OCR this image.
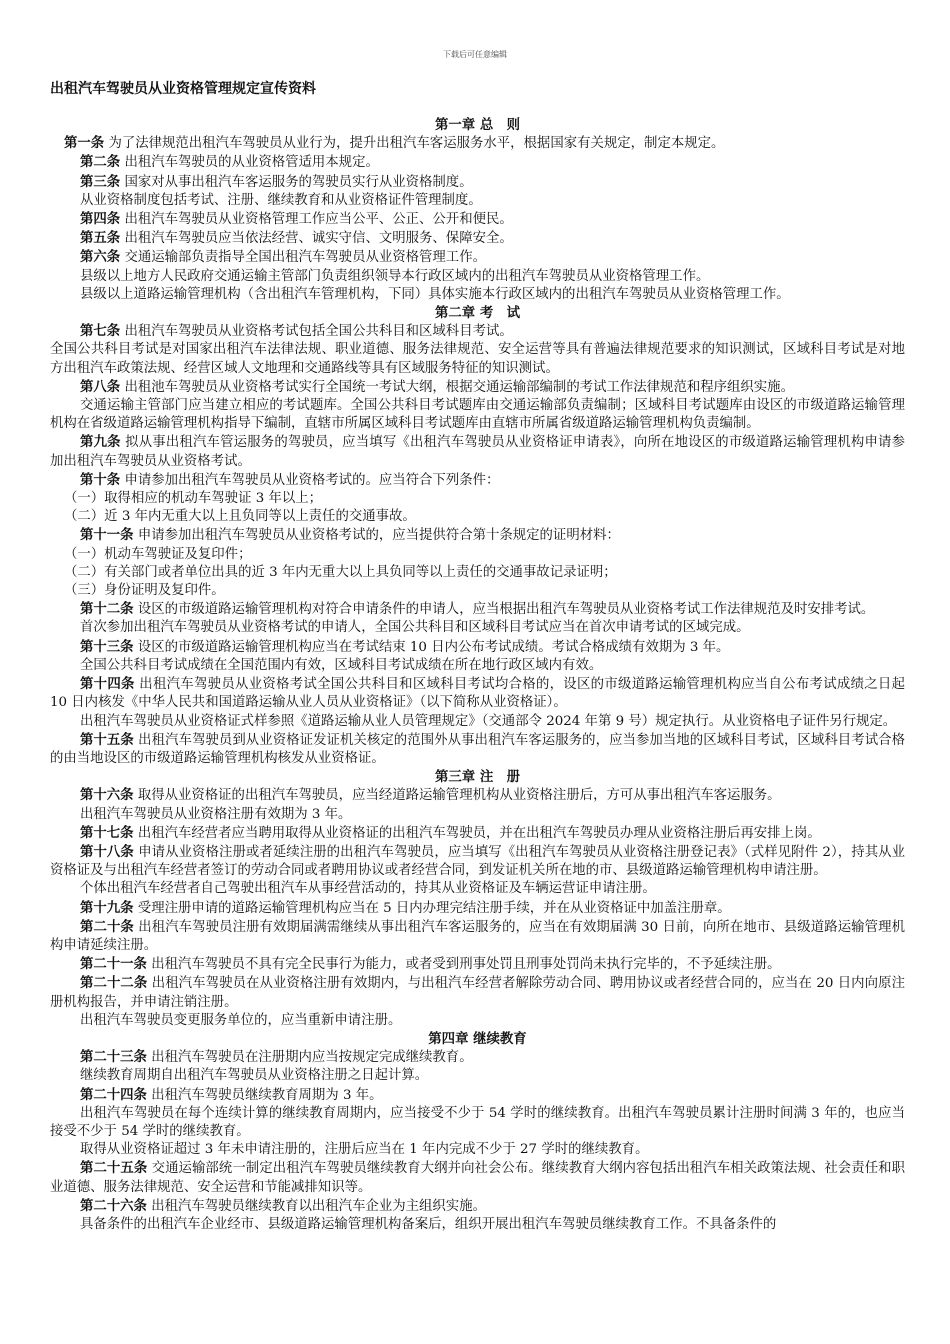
下载后可任意编辑
出租汽车驾驶员从业资格管理规定宣传资料

第一章 总　则

第一条 为了法律规范出租汽车驾驶员从业行为，提升出租汽车客运服务水平，根据国家有关规定，制定本规定。

第二条 出租汽车驾驶员的从业资格管适用本规定。

第三条 国家对从事出租汽车客运服务的驾驶员实行从业资格制度。

从业资格制度包括考试、注册、继续教育和从业资格证件管理制度。

第四条 出租汽车驾驶员从业资格管理工作应当公平、公正、公开和便民。

第五条 出租汽车驾驶员应当依法经营、诚实守信、文明服务、保障安全。

第六条 交通运输部负责指导全国出租汽车驾驶员从业资格管理工作。

县级以上地方人民政府交通运输主管部门负责组织领导本行政区域内的出租汽车驾驶员从业资格管理工作。

县级以上道路运输管理机构（含出租汽车管理机构，下同）具体实施本行政区域内的出租汽车驾驶员从业资格管理工作。

第二章 考　试

第七条 出租汽车驾驶员从业资格考试包括全国公共科目和区域科目考试。

全国公共科目考试是对国家出租汽车法律法规、职业道德、服务法律规范、安全运营等具有普遍法律规范要求的知识测试，区域科目考试是对地方出租汽车政策法规、经营区域人文地理和交通路线等具有区域服务特征的知识测试。

第八条 出租池车驾驶员从业资格考试实行全国统一考试大纲，根据交通运输部编制的考试工作法律规范和程序组织实施。

交通运输主管部门应当建立相应的考试题库。全国公共科目考试题库由交通运输部负责编制；区域科目考试题库由设区的市级道路运输管理机构在省级道路运输管理机构指导下编制，直辖市所属区域科目考试题库由直辖市所属省级道路运输管理机构负责编制。

第九条 拟从事出租汽车管运服务的驾驶员，应当填写《出租汽车驾驶员从业资格证申请表》，向所在地设区的市级道路运输管理机构申请参加出租汽车驾驶员从业资格考试。

第十条 申请参加出租汽车驾驶员从业资格考试的。应当符合下列条件：

（一）取得相应的机动车驾驶证 3 年以上；

（二）近 3 年内无重大以上且负同等以上责任的交通事故。

第十一条 申请参加出租汽车驾驶员从业资格考试的，应当提供符合第十条规定的证明材料：

（一）机动车驾驶证及复印件；

（二）有关部门或者单位出具的近 3 年内无重大以上具负同等以上责任的交通事故记录证明；

（三）身份证明及复印件。

第十二条 设区的市级道路运输管理机构对符合申请条件的申请人，应当根据出租汽车驾驶员从业资格考试工作法律规范及时安排考试。

首次参加出租汽车驾驶员从业资格考试的申请人，全国公共科目和区域科目考试应当在首次申请考试的区域完成。

第十三条 设区的市级道路运输管理机构应当在考试结束 10 日内公布考试成绩。考试合格成绩有效期为 3 年。

全国公共科目考试成绩在全国范围内有效，区域科目考试成绩在所在地行政区域内有效。

第十四条 出租汽车驾驶员从业资格考试全国公共科目和区域科目考试均合格的，设区的市级道路运输管理机构应当自公布考试成绩之日起 10 日内核发《中华人民共和国道路运输从业人员从业资格证》（以下简称从业资格证）。

出租汽车驾驶员从业资格证式样参照《道路运输从业人员管理规定》（交通部令 2024 年第 9 号）规定执行。从业资格电子证件另行规定。

第十五条 出租汽车驾驶员到从业资格证发证机关核定的范围外从事出租汽车客运服务的，应当参加当地的区域科目考试，区域科目考试合格的由当地设区的市级道路运输管理机构核发从业资格证。

第三章 注　册

第十六条 取得从业资格证的出租汽车驾驶员，应当经道路运输管理机构从业资格注册后，方可从事出租汽车客运服务。

出租汽车驾驶员从业资格注册有效期为 3 年。

第十七条 出租汽车经营者应当聘用取得从业资格证的出租汽车驾驶员，并在出租汽车驾驶员办理从业资格注册后再安排上岗。

第十八条 申请从业资格注册或者延续注册的出租汽车驾驶员，应当填写《出租汽车驾驶员从业资格注册登记表》（式样见附件 2），持其从业资格证及与出租汽车经营者签订的劳动合同或者聘用协议或者经营合同，到发证机关所在地的市、县级道路运输管理机构申请注册。

个体出租汽车经营者自己驾驶出租汽车从事经营活动的，持其从业资格证及车辆运营证申请注册。

第十九条 受理注册申请的道路运输管理机构应当在 5 日内办理完结注册手续，并在从业资格证中加盖注册章。

第二十条 出租汽车驾驶员注册有效期届满需继续从事出租汽车客运服务的，应当在有效期届满 30 日前，向所在地市、县级道路运输管理机构申请延续注册。

第二十一条 出租汽车驾驶员不具有完全民事行为能力，或者受到刑事处罚且刑事处罚尚未执行完毕的，不予延续注册。

第二十二条 出租汽车驾驶员在从业资格注册有效期内，与出租汽车经营者解除劳动合同、聘用协议或者经营合同的，应当在 20 日内向原注册机构报告，并申请注销注册。

出租汽车驾驶员变更服务单位的，应当重新申请注册。

第四章 继续教育

第二十三条 出租汽车驾驶员在注册期内应当按规定完成继续教育。

继续教育周期自出租汽车驾驶员从业资格注册之日起计算。

第二十四条 出租汽车驾驶员继续教育周期为 3 年。

出租汽车驾驶员在每个连续计算的继续教育周期内，应当接受不少于 54 学时的继续教育。出租汽车驾驶员累计注册时间满 3 年的，也应当接受不少于 54 学时的继续教育。

取得从业资格证超过 3 年未申请注册的，注册后应当在 1 年内完成不少于 27 学时的继续教育。

第二十五条 交通运输部统一制定出租汽车驾驶员继续教育大纲并向社会公布。继续教育大纲内容包括出租汽车相关政策法规、社会责任和职业道德、服务法律规范、安全运营和节能减排知识等。

第二十六条 出租汽车驾驶员继续教育以出租汽车企业为主组织实施。

具备条件的出租汽车企业经市、县级道路运输管理机构备案后，组织开展出租汽车驾驶员继续教育工作。不具备条件的
